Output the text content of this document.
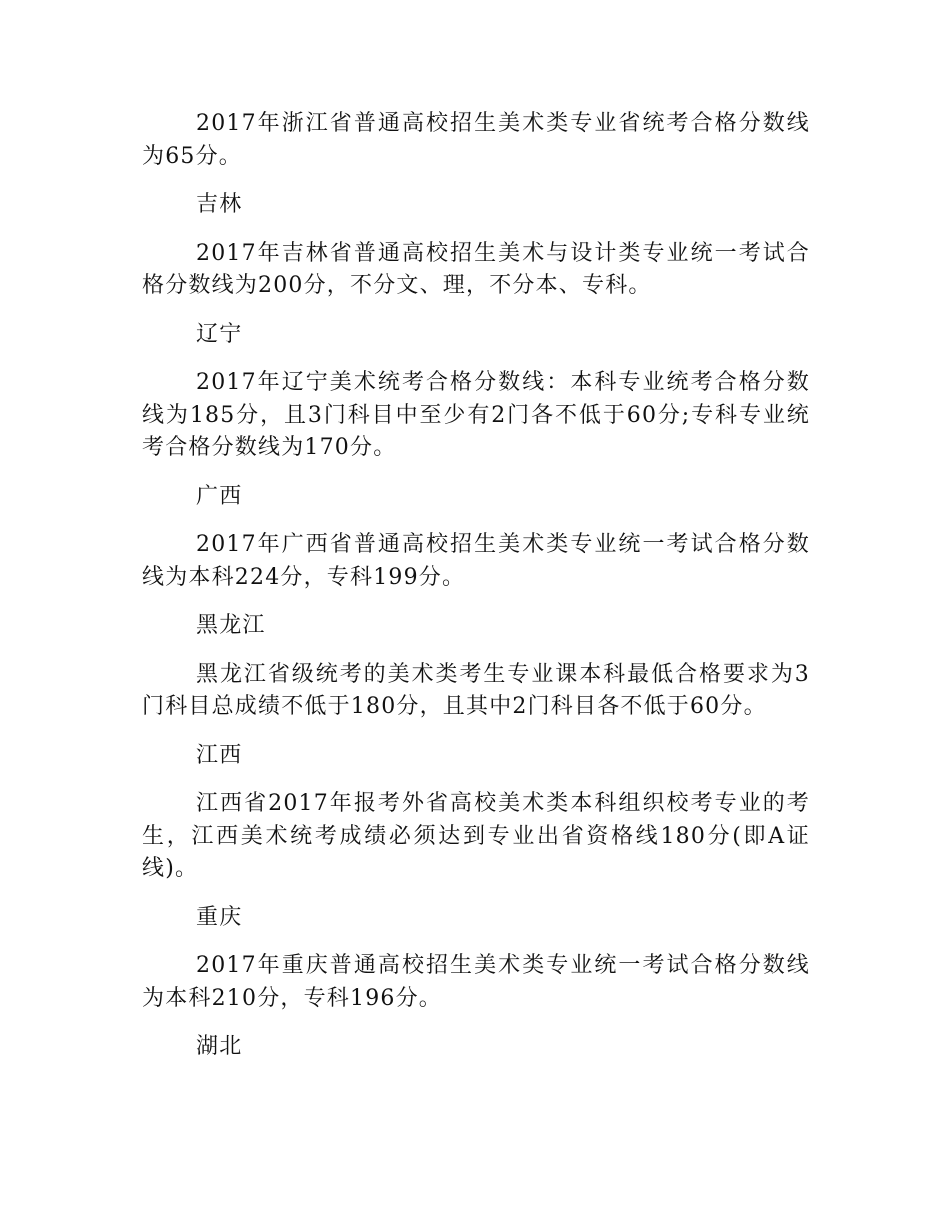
2017年浙江省普通高校招生美术类专业省统考合格分数线为65分。

吉林

2017年吉林省普通高校招生美术与设计类专业统一考试合格分数线为200分，不分文、理，不分本、专科。

辽宁

2017年辽宁美术统考合格分数线：本科专业统考合格分数线为185分，且3门科目中至少有2门各不低于60分;专科专业统考合格分数线为170分。

广西

2017年广西省普通高校招生美术类专业统一考试合格分数线为本科224分，专科199分。

黑龙江

黑龙江省级统考的美术类考生专业课本科最低合格要求为3门科目总成绩不低于180分，且其中2门科目各不低于60分。

江西

江西省2017年报考外省高校美术类本科组织校考专业的考生，江西美术统考成绩必须达到专业出省资格线180分(即A证线)。

重庆

2017年重庆普通高校招生美术类专业统一考试合格分数线为本科210分，专科196分。

湖北
